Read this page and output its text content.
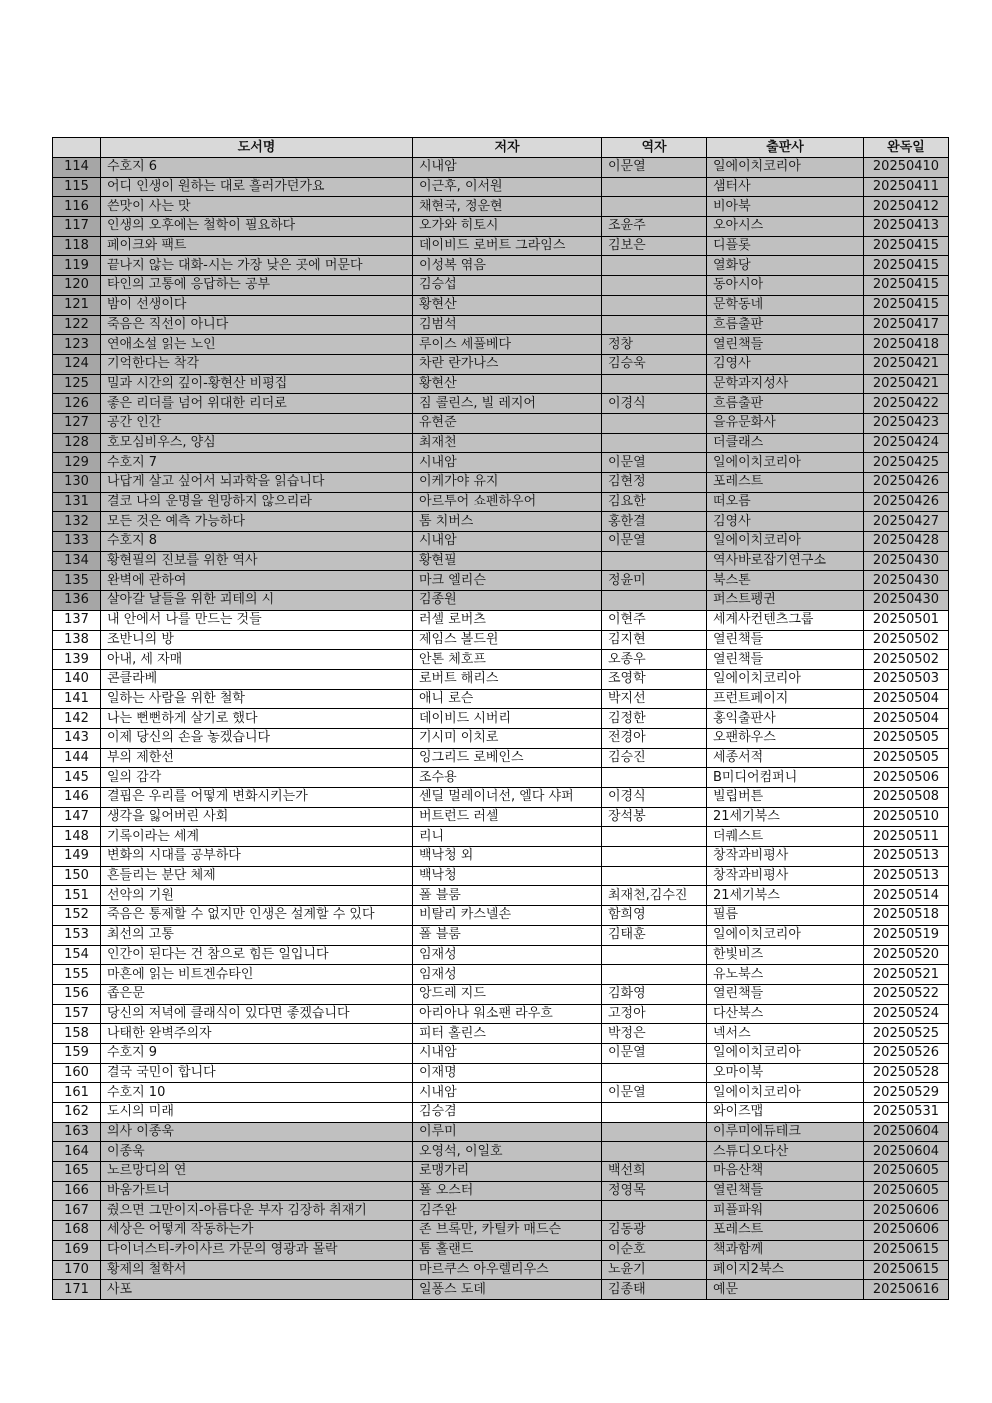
	도서명	저자	역자	출판사	완독일
114	수호지 6	시내암	이문열	일에이치코리아	20250410
115	어디 인생이 원하는 대로 흘러가던가요	이근후, 이서원		샘터사	20250411
116	쓴맛이 사는 맛	채현국, 정운현		비아북	20250412
117	인생의 오후에는 철학이 필요하다	오가와 히토시	조윤주	오아시스	20250413
118	페이크와 팩트	데이비드 로버트 그라임스	김보은	디플롯	20250415
119	끝나지 않는 대화-시는 가장 낮은 곳에 머문다	이성복 엮음		열화당	20250415
120	타인의 고통에 응답하는 공부	김승섭		동아시아	20250415
121	밤이 선생이다	황현산		문학동네	20250415
122	죽음은 직선이 아니다	김범석		흐름출판	20250417
123	연애소설 읽는 노인	루이스 세풀베다	정창	열린책들	20250418
124	기억한다는 착각	차란 란가나스	김승욱	김영사	20250421
125	밀과 시간의 깊이-황현산 비평집	황현산		문학과지성사	20250421
126	좋은 리더를 넘어 위대한 리더로	짐 콜린스, 빌 레지어	이경식	흐름출판	20250422
127	공간 인간	유현준		을유문화사	20250423
128	호모심비우스, 양심	최재천		더클래스	20250424
129	수호지 7	시내암	이문열	일에이치코리아	20250425
130	나답게 살고 싶어서 뇌과학을 읽습니다	이케가야 유지	김현정	포레스트	20250426
131	결코 나의 운명을 원망하지 않으리라	아르투어 쇼펜하우어	김요한	떠오름	20250426
132	모든 것은 예측 가능하다	톰 치버스	홍한결	김영사	20250427
133	수호지 8	시내암	이문열	일에이치코리아	20250428
134	황현필의 진보를 위한 역사	황현필		역사바로잡기연구소	20250430
135	완벽에 관하여	마크 엘리슨	정윤미	북스톤	20250430
136	살아갈 날들을 위한 괴테의 시	김종원		퍼스트펭귄	20250430
137	내 안에서 나를 만드는 것들	러셀 로버츠	이현주	세계사컨텐츠그룹	20250501
138	조반니의 방	제임스 볼드윈	김지현	열린책들	20250502
139	아내, 세 자매	안톤 체호프	오종우	열린책들	20250502
140	콘클라베	로버트 해리스	조영학	일에이치코리아	20250503
141	일하는 사람을 위한 철학	애니 로슨	박지선	프런트페이지	20250504
142	나는 뻔뻔하게 살기로 했다	데이비드 시버리	김정한	홍익출판사	20250504
143	이제 당신의 손을 놓겠습니다	기시미 이치로	전경아	오팬하우스	20250505
144	부의 제한선	잉그리드 로베인스	김승진	세종서적	20250505
145	일의 감각	조수용		B미디어컴퍼니	20250506
146	결핍은 우리를 어떻게 변화시키는가	센딜 멀레이너선, 엘다 샤퍼	이경식	빌립버튼	20250508
147	생각을 잃어버린 사회	버트런드 러셀	장석봉	21세기북스	20250510
148	기록이라는 세계	리니		더퀘스트	20250511
149	변화의 시대를 공부하다	백낙청 외		창작과비평사	20250513
150	흔들리는 분단 체제	백낙청		창작과비평사	20250513
151	선악의 기원	폴 블룸	최재천,김수진	21세기북스	20250514
152	죽음은 통제할 수 없지만 인생은 설계할 수 있다	비탈리 카스넬손	함희영	필름	20250518
153	최선의 고통	폴 블룸	김태훈	일에이치코리아	20250519
154	인간이 된다는 건 참으로 힘든 일입니다	임재성		한빛비즈	20250520
155	마흔에 읽는 비트겐슈타인	임재성		유노북스	20250521
156	좁은문	앙드레 지드	김화영	열린책들	20250522
157	당신의 저녁에 클래식이 있다면 좋겠습니다	아리아나 워소팬 라우흐	고정아	다산북스	20250524
158	나태한 완벽주의자	피터 홀린스	박정은	넥서스	20250525
159	수호지 9	시내암	이문열	일에이치코리아	20250526
160	결국 국민이 합니다	이재명		오마이북	20250528
161	수호지 10	시내암	이문열	일에이치코리아	20250529
162	도시의 미래	김승겸		와이즈맵	20250531
163	의사 이종욱	이루미		이루미에듀테크	20250604
164	이종욱	오영석, 이일호		스튜디오다산	20250604
165	노르망디의 연	로맹가리	백선희	마음산책	20250605
166	바움가트너	폴 오스터	정영목	열린책들	20250605
167	줬으면 그만이지-아름다운 부자 김장하 취재기	김주완		피플파워	20250606
168	세상은 어떻게 작동하는가	존 브록만, 카틸카 매드슨	김동광	포레스트	20250606
169	다이너스티-카이사르 가문의 영광과 몰락	톰 홀랜드	이순호	책과함께	20250615
170	황제의 철학서	마르쿠스 아우렐리우스	노윤기	페이지2북스	20250615
171	사포	일퐁스 도데	김종태	예문	20250616
